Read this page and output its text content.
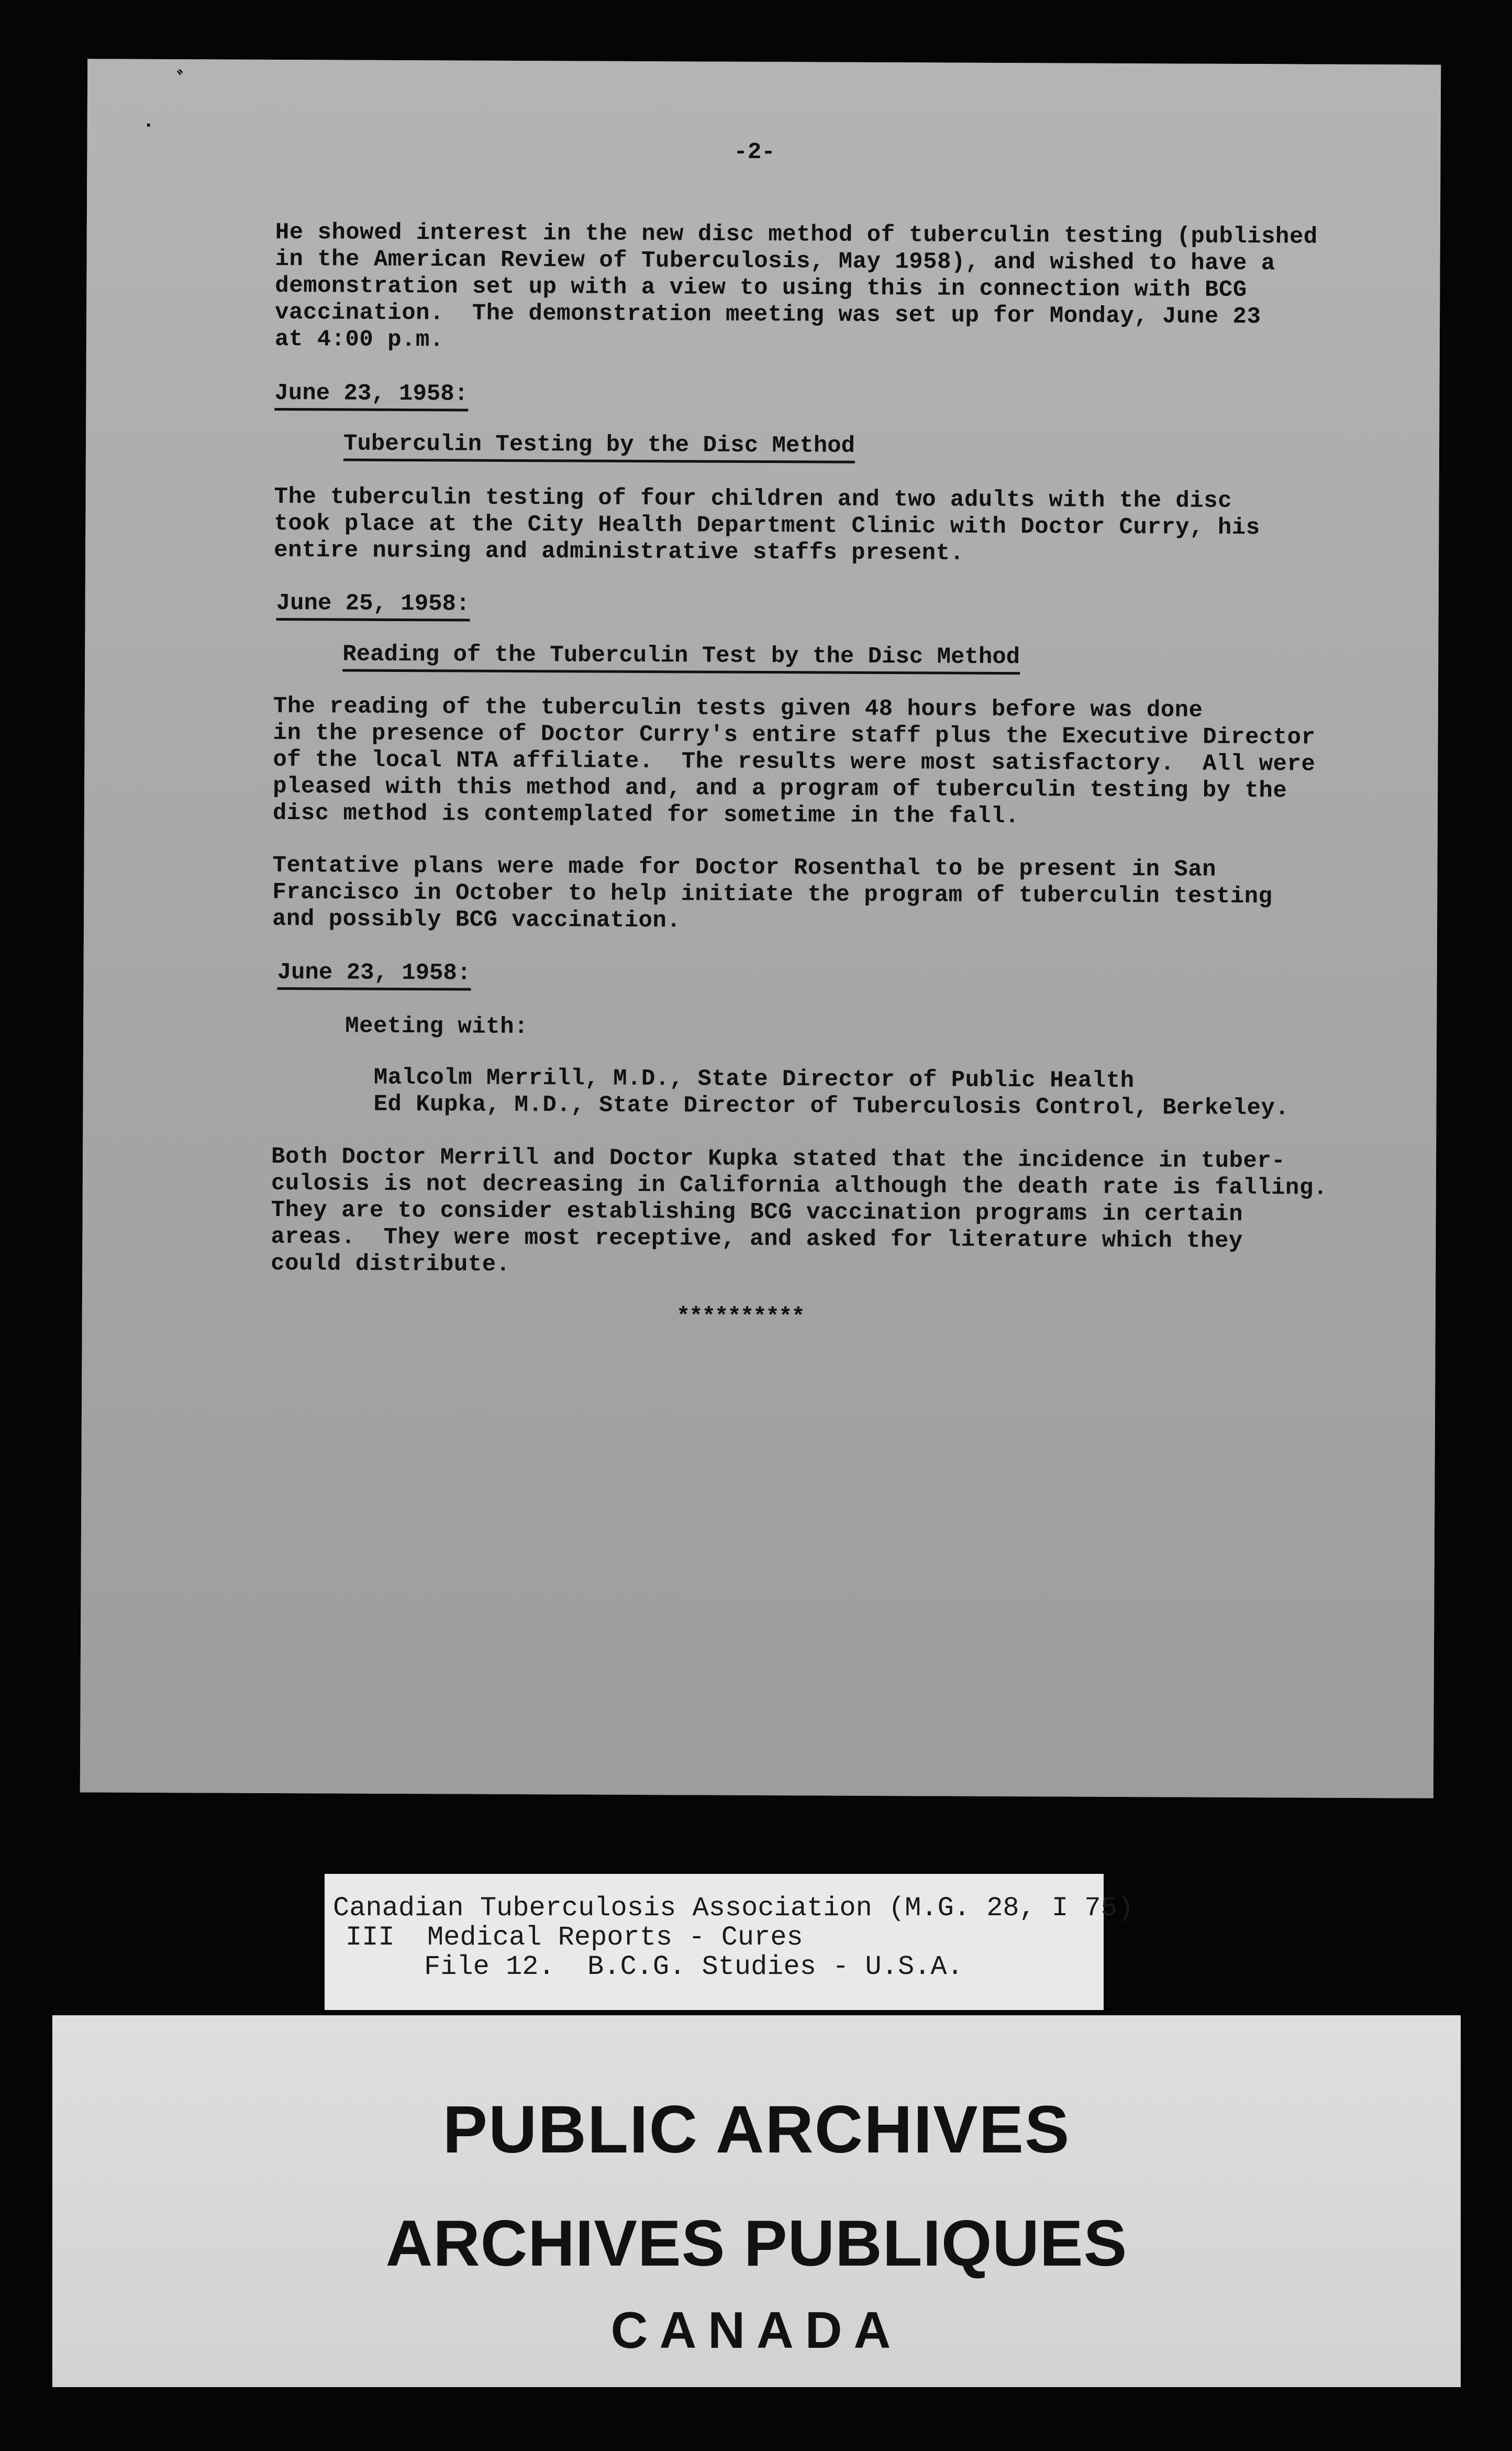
ﾞ
·
-2-
He showed interest in the new disc method of tuberculin testing (published
in the American Review of Tuberculosis, May 1958), and wished to have a
demonstration set up with a view to using this in connection with BCG
vaccination.  The demonstration meeting was set up for Monday, June 23
at 4:00 p.m.
June 23, 1958:
Tuberculin Testing by the Disc Method
The tuberculin testing of four children and two adults with the disc
took place at the City Health Department Clinic with Doctor Curry, his
entire nursing and administrative staffs present.
June 25, 1958:
Reading of the Tuberculin Test by the Disc Method
The reading of the tuberculin tests given 48 hours before was done
in the presence of Doctor Curry's entire staff plus the Executive Director
of the local NTA affiliate.  The results were most satisfactory.  All were
pleased with this method and, and a program of tuberculin testing by the
disc method is contemplated for sometime in the fall.
Tentative plans were made for Doctor Rosenthal to be present in San
Francisco in October to help initiate the program of tuberculin testing
and possibly BCG vaccination.
June 23, 1958:
Meeting with:
Malcolm Merrill, M.D., State Director of Public Health
Ed Kupka, M.D., State Director of Tuberculosis Control, Berkeley.
Both Doctor Merrill and Doctor Kupka stated that the incidence in tuber-
culosis is not decreasing in California although the death rate is falling.
They are to consider establishing BCG vaccination programs in certain
areas.  They were most receptive, and asked for literature which they
could distribute.
**********
Canadian Tuberculosis Association (M.G. 28, I 75)
III  Medical Reports - Cures
File 12.  B.C.G. Studies - U.S.A.
PUBLIC ARCHIVES
ARCHIVES PUBLIQUES
CANADA
